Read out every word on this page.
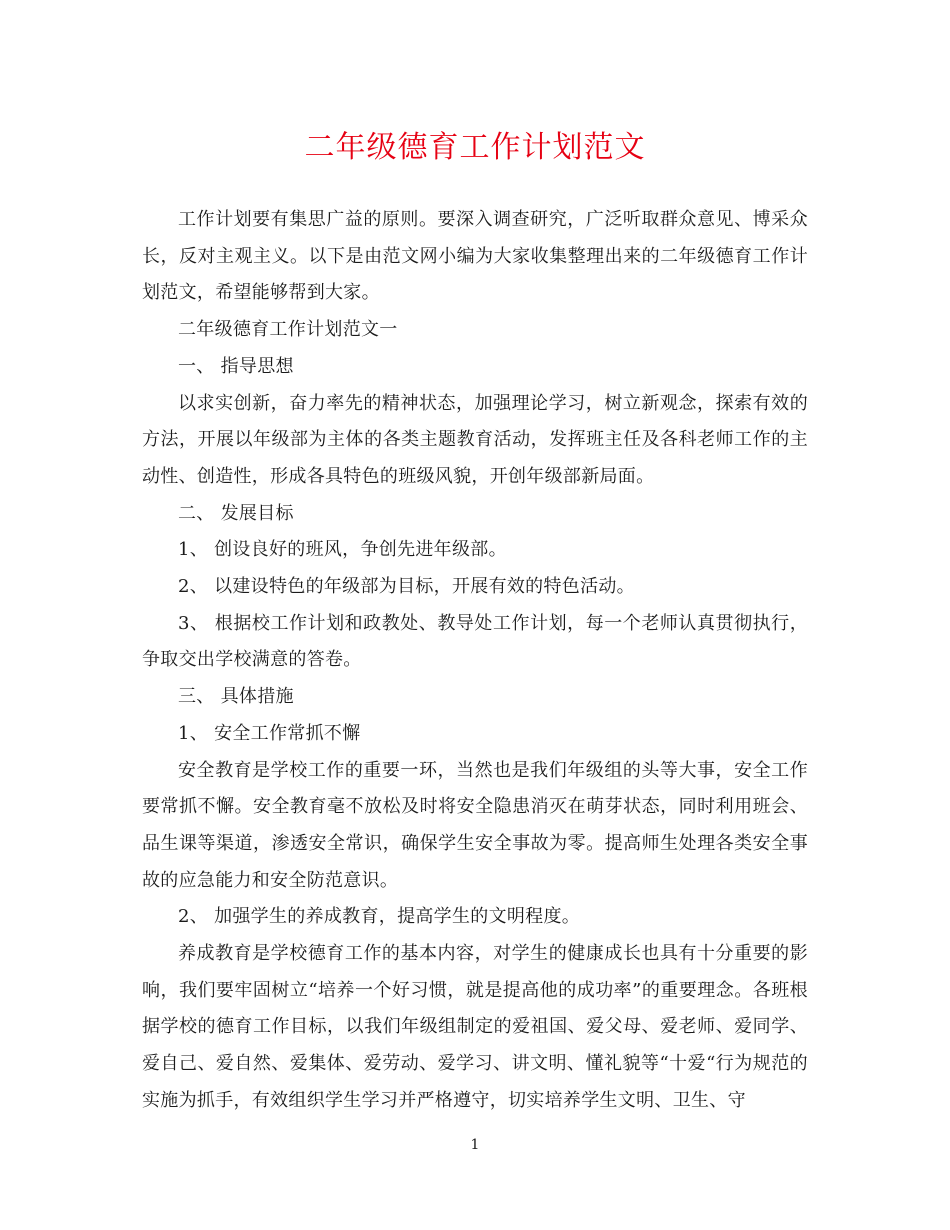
二年级德育工作计划范文

工作计划要有集思广益的原则。要深入调查研究，广泛听取群众意见、博采众长，反对主观主义。以下是由范文网小编为大家收集整理出来的二年级德育工作计划范文，希望能够帮到大家。

二年级德育工作计划范文一

一、 指导思想

以求实创新，奋力率先的精神状态，加强理论学习，树立新观念，探索有效的方法，开展以年级部为主体的各类主题教育活动，发挥班主任及各科老师工作的主动性、创造性，形成各具特色的班级风貌，开创年级部新局面。

二、 发展目标

1、 创设良好的班风，争创先进年级部。

2、 以建设特色的年级部为目标，开展有效的特色活动。

3、 根据校工作计划和政教处、教导处工作计划，每一个老师认真贯彻执行，争取交出学校满意的答卷。

三、 具体措施

1、 安全工作常抓不懈

安全教育是学校工作的重要一环，当然也是我们年级组的头等大事，安全工作要常抓不懈。安全教育毫不放松及时将安全隐患消灭在萌芽状态，同时利用班会、品生课等渠道，渗透安全常识，确保学生安全事故为零。提高师生处理各类安全事故的应急能力和安全防范意识。

2、 加强学生的养成教育，提高学生的文明程度。

养成教育是学校德育工作的基本内容，对学生的健康成长也具有十分重要的影响，我们要牢固树立“培养一个好习惯，就是提高他的成功率”的重要理念。各班根据学校的德育工作目标，以我们年级组制定的爱祖国、爱父母、爱老师、爱同学、爱自己、爱自然、爱集体、爱劳动、爱学习、讲文明、懂礼貌等“十爱“行为规范的实施为抓手，有效组织学生学习并严格遵守，切实培养学生文明、卫生、守

1
